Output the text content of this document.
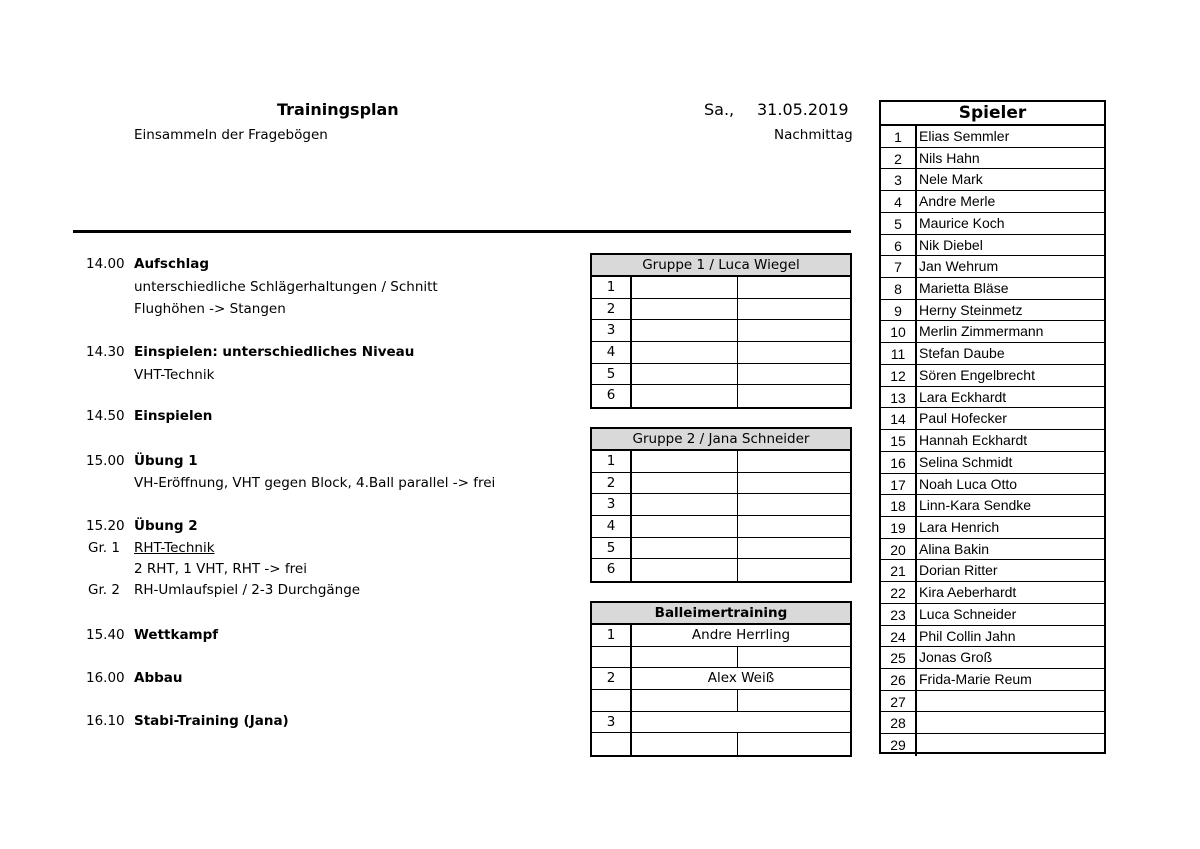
Trainingsplan
Einsammeln der Fragebögen
Sa., 31.05.2019
Nachmittag
14.00 Aufschlag
unterschiedliche Schlägerhaltungen / Schnitt
Flughöhen -> Stangen
14.30 Einspielen: unterschiedliches Niveau
VHT-Technik
14.50 Einspielen
15.00 Übung 1
VH-Eröffnung, VHT gegen Block, 4.Ball parallel -> frei
15.20 Übung 2
Gr. 1 RHT-Technik
2 RHT, 1 VHT, RHT -> frei
Gr. 2 RH-Umlaufspiel / 2-3 Durchgänge
15.40 Wettkampf
16.00 Abbau
16.10 Stabi-Training (Jana)
Gruppe 1 / Luca Wiegel
1
2
3
4
5
6
Gruppe 2 / Jana Schneider
1
2
3
4
5
6
Balleimertraining
1	Andre Herrling
2	Alex Weiß
3
Spieler
1	Elias Semmler
2	Nils Hahn
3	Nele Mark
4	Andre Merle
5	Maurice Koch
6	Nik Diebel
7	Jan Wehrum
8	Marietta Bläse
9	Herny Steinmetz
10 Merlin Zimmermann
11 Stefan Daube
12 Sören Engelbrecht
13 Lara Eckhardt
14 Paul Hofecker
15 Hannah Eckhardt
16 Selina Schmidt
17 Noah Luca Otto
18 Linn-Kara Sendke
19 Lara Henrich
20 Alina Bakin
21 Dorian Ritter
22 Kira Aeberhardt
23 Luca Schneider
24 Phil Collin Jahn
25 Jonas Groß
26 Frida-Marie Reum
27
28
29
